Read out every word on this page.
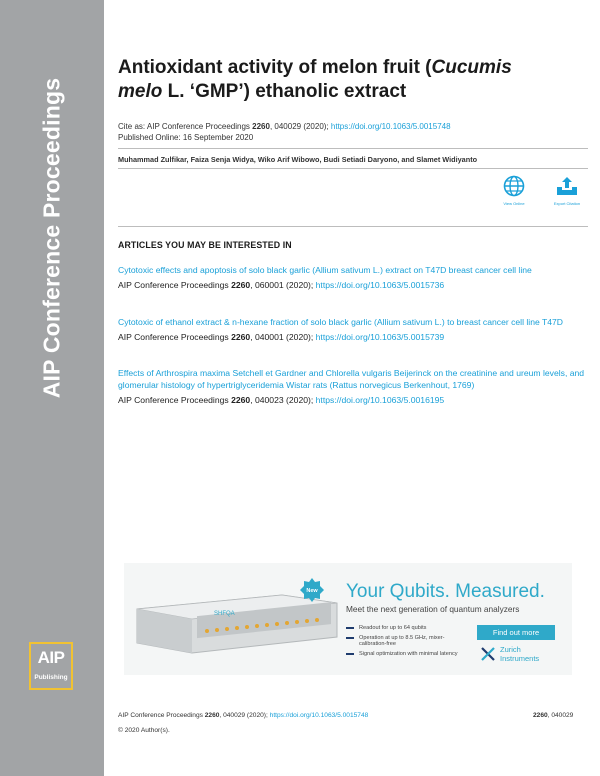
AIP Conference Proceedings
AIP
Publishing
Antioxidant activity of melon fruit (Cucumis
melo L. ‘GMP’) ethanolic extract
Cite as: AIP Conference Proceedings 2260, 040029 (2020); https://doi.org/10.1063/5.0015748
Published Online: 16 September 2020
Muhammad Zulfikar, Faiza Senja Widya, Wiko Arif Wibowo, Budi Setiadi Daryono, and Slamet Widiyanto
View Online	Export Citation
ARTICLES YOU MAY BE INTERESTED IN
Cytotoxic effects and apoptosis of solo black garlic (Allium sativum L.) extract on T47D breast cancer cell line
AIP Conference Proceedings 2260, 060001 (2020); https://doi.org/10.1063/5.0015736
Cytotoxic of ethanol extract & n-hexane fraction of solo black garlic (Allium sativum L.) to breast cancer cell line T47D
AIP Conference Proceedings 2260, 040001 (2020); https://doi.org/10.1063/5.0015739
Effects of Arthrospira maxima Setchell et Gardner and Chlorella vulgaris Beijerinck on the creatinine and ureum levels, and glomerular histology of hypertriglyceridemia Wistar rats (Rattus norvegicus Berkenhout, 1769)
AIP Conference Proceedings 2260, 040023 (2020); https://doi.org/10.1063/5.0016195
SHFQA
New Your Qubits. Measured.
Meet the next generation of quantum analyzers
Readout for up to 64 qubits
Operation at up to 8.5 GHz, mixer-calibration-free
Signal optimization with minimal latency
Find out more
Zurich
Instruments
AIP Conference Proceedings 2260, 040029 (2020); https://doi.org/10.1063/5.0015748	2260, 040029
© 2020 Author(s).
